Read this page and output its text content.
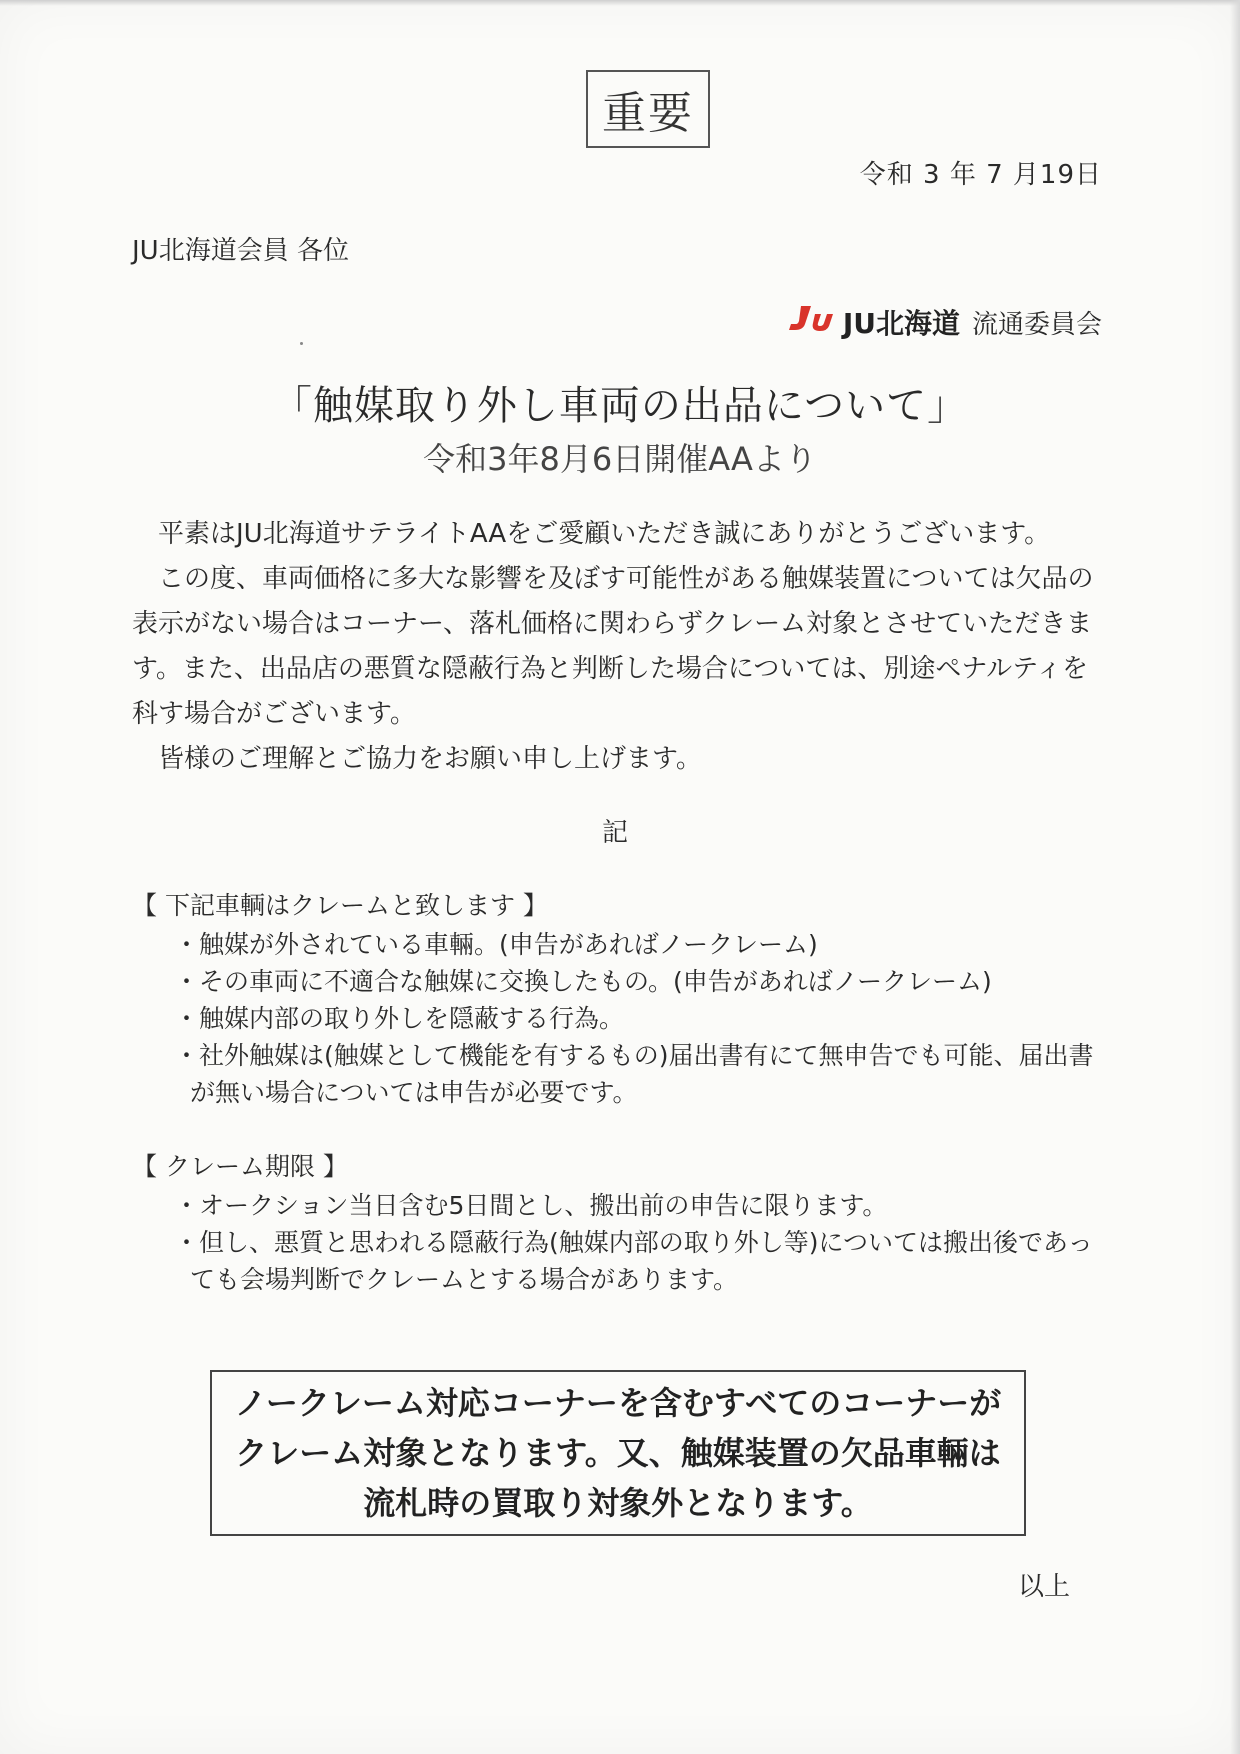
重要
令和 3 年 7 月19日
JU北海道会員 各位
JU北海道 流通委員会
「触媒取り外し車両の出品について」
令和3年8月6日開催AAより

平素はJU北海道サテライトAAをご愛顧いただき誠にありがとうございます。

この度、車両価格に多大な影響を及ぼす可能性がある触媒装置については欠品の表示がない場合はコーナー、落札価格に関わらずクレーム対象とさせていただきます。また、出品店の悪質な隠蔽行為と判断した場合については、別途ペナルティを科す場合がございます。

皆様のご理解とご協力をお願い申し上げます。

記
【 下記車輌はクレームと致します 】
・触媒が外されている車輛。(申告があればノークレーム)
・その車両に不適合な触媒に交換したもの。(申告があればノークレーム)
・触媒内部の取り外しを隠蔽する行為。
・社外触媒は(触媒として機能を有するもの)届出書有にて無申告でも可能、届出書が無い場合については申告が必要です。
【 クレーム期限 】
・オークション当日含む5日間とし、搬出前の申告に限ります。
・但し、悪質と思われる隠蔽行為(触媒内部の取り外し等)については搬出後であっても会場判断でクレームとする場合があります。
ノークレーム対応コーナーを含むすべてのコーナーが
クレーム対象となります。又、触媒装置の欠品車輛は
流札時の買取り対象外となります。
以上
